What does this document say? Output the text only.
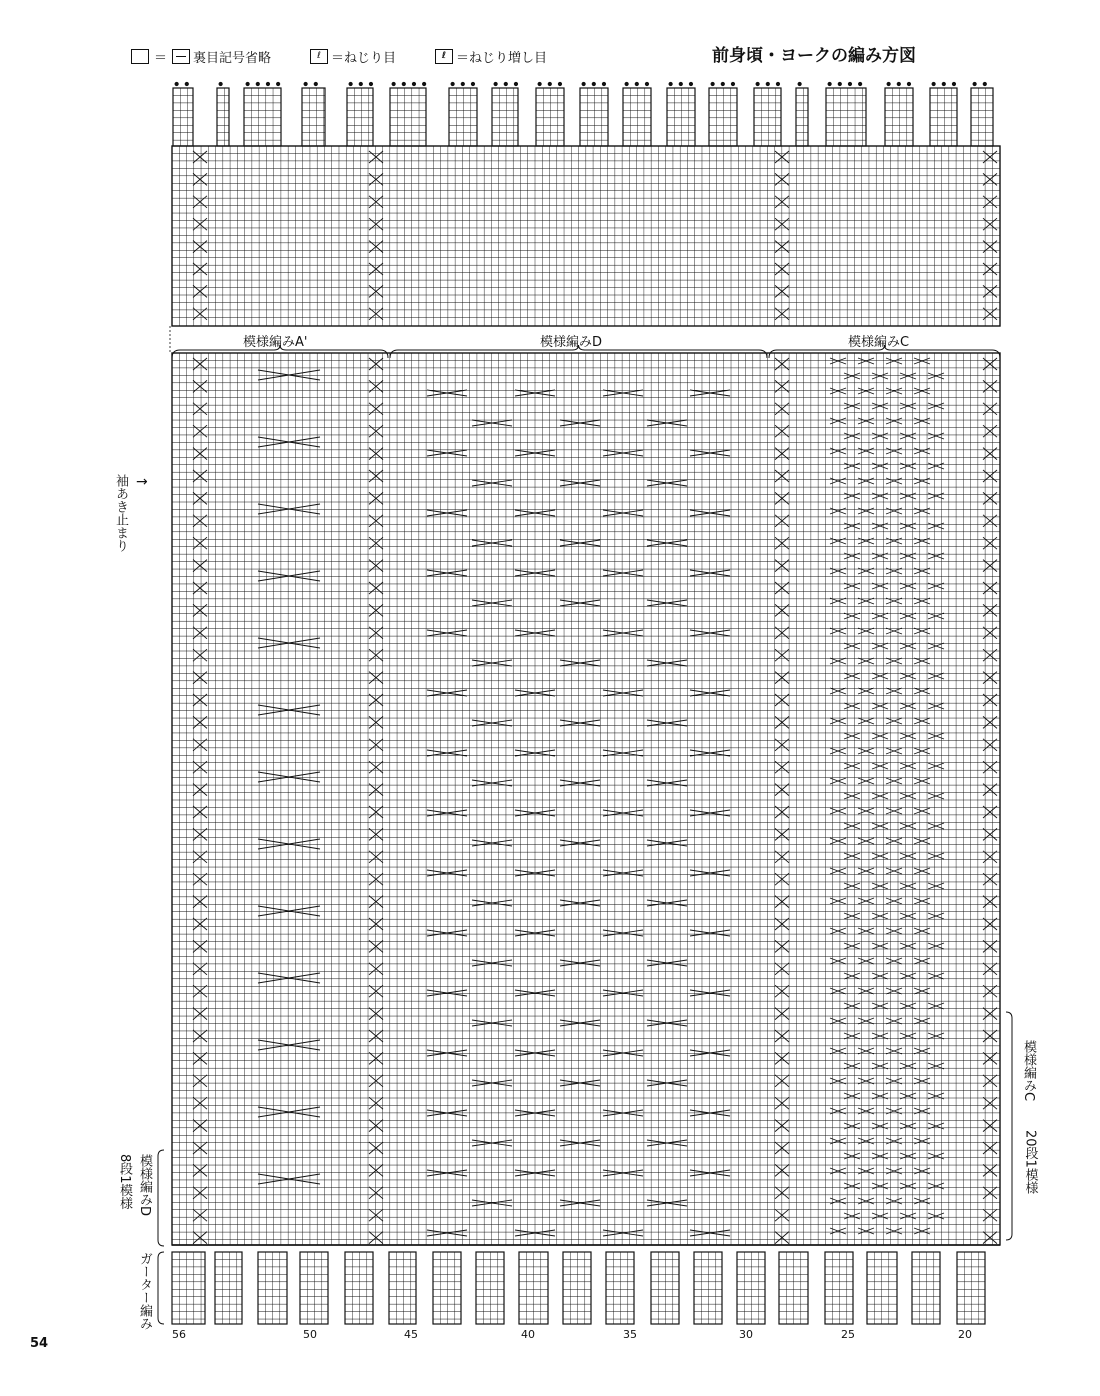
＝ 裏目記号省略	ℓ ＝ねじり目	ℓ ＝ねじり増し目	前身頃・ヨークの編み方図
模様編みA'	模様編みD	模様編みC
袖あき止まり →
模様編みD
8段1模様
ガーター編み
模様編みC
20段1模様
56	50	45	40	35	30	25	20
54
